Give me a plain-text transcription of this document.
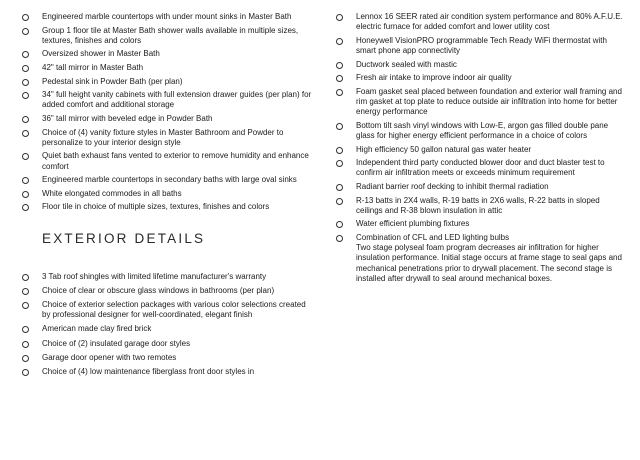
Engineered marble countertops with under mount sinks in Master Bath
Group 1 floor tile at Master Bath shower walls available in multiple sizes, textures, finishes and colors
Oversized shower in Master Bath
42" tall mirror in Master Bath
Pedestal sink in Powder Bath (per plan)
34" full height vanity cabinets with full extension drawer guides (per plan) for added comfort and additional storage
36" tall mirror with beveled edge in Powder Bath
Choice of (4) vanity fixture styles in Master Bathroom and Powder to personalize to your interior design style
Quiet bath exhaust fans vented to exterior to remove humidity and enhance comfort
Engineered marble countertops in secondary baths with large oval sinks
White elongated commodes in all baths
Floor tile in choice of multiple sizes, textures, finishes and colors
EXTERIOR DETAILS
3 Tab roof shingles with limited lifetime manufacturer's warranty
Choice of clear or obscure glass windows in bathrooms (per plan)
Choice of exterior selection packages with various color selections created by professional designer for well-coordinated, elegant finish
American made clay fired brick
Choice of (2) insulated garage door styles
Garage door opener with two remotes
Choice of (4) low maintenance fiberglass front door styles in
Lennox 16 SEER rated air condition system performance and 80% A.F.U.E. electric furnace for added comfort and lower utility cost
Honeywell VisionPRO programmable Tech Ready WiFi thermostat with smart phone app connectivity
Ductwork sealed with mastic
Fresh air intake to improve indoor air quality
Foam gasket seal placed between foundation and exterior wall framing and rim gasket at top plate to reduce outside air infiltration into home for better energy performance
Bottom tilt sash vinyl windows with Low-E, argon gas filled double pane glass for higher energy efficient performance in a choice of colors
High efficiency 50 gallon natural gas water heater
Independent third party conducted blower door and duct blaster test to confirm air infiltration meets or exceeds minimum requirement
Radiant barrier roof decking to inhibit thermal radiation
R-13 batts in 2X4 walls, R-19 batts in 2X6 walls, R-22 batts in sloped ceilings and R-38 blown insulation in attic
Water efficient plumbing fixtures
Combination of CFL and LED lighting bulbs
Two stage polyseal foam program decreases air infiltration for higher insulation performance. Initial stage occurs at frame stage to seal gaps and mechanical penetrations prior to drywall placement. The second stage is installed after drywall to seal around mechanical boxes.
